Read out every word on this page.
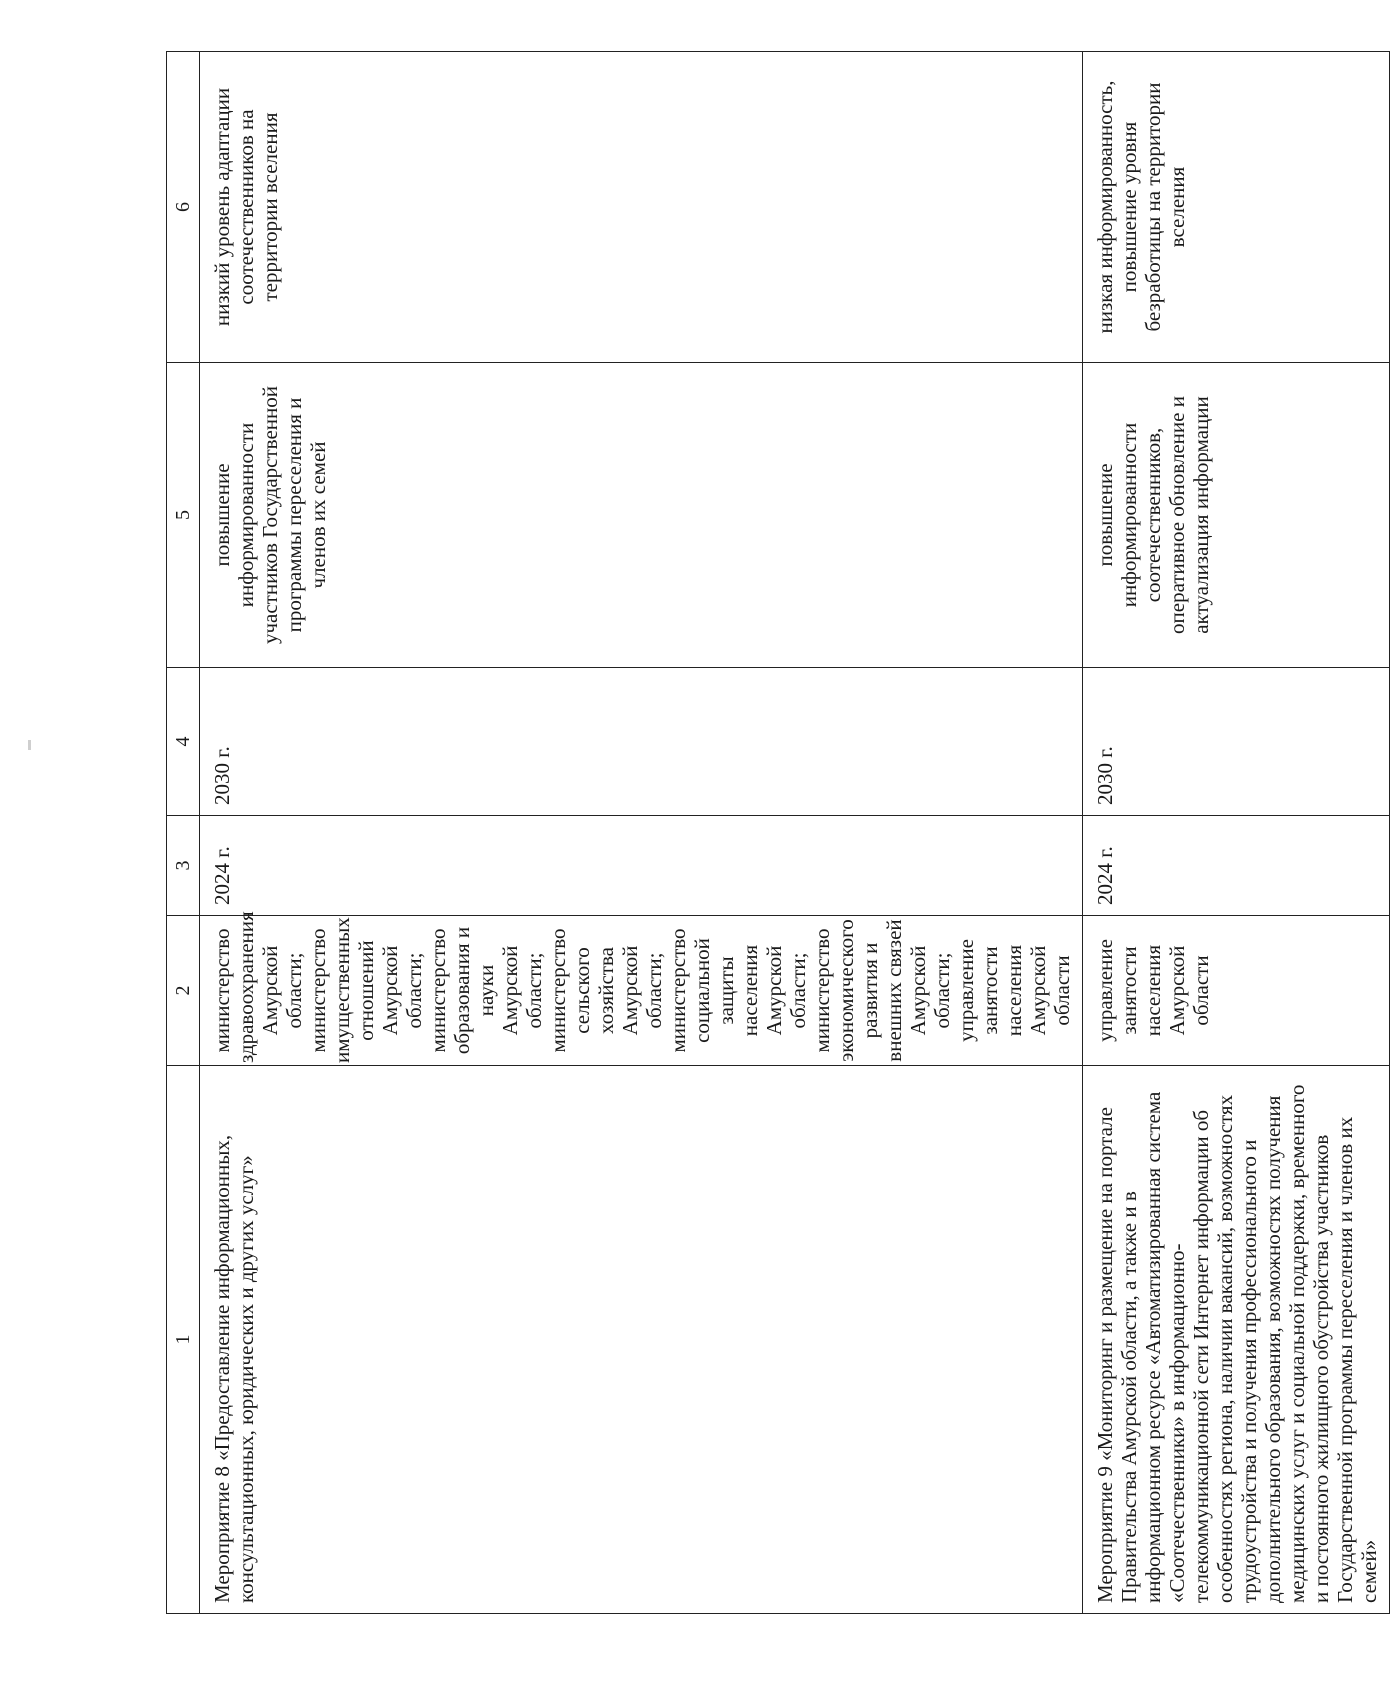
1	2	3	4	5	6
Мероприятие 8 «Предоставление информационных, консультационных, юридических и других услуг»	министерство здравоохранения Амурской области; министерство имущественных отношений Амурской области; министерство образования и науки Амурской области; министерство сельского хозяйства Амурской области; министерство социальной защиты населения Амурской области; министерство экономического развития и внешних связей Амурской области; управление занятости населения Амурской области	2024 г.	2030 г.	повышение информированности участников Государственной программы переселения и членов их семей	низкий уровень адаптации соотечественников на территории вселения
Мероприятие 9 «Мониторинг и размещение на портале Правительства Амурской области, а также и в информационном ресурсе «Автоматизированная система «Соотечественники» в информационно-телекоммуникационной сети Интернет информации об особенностях региона, наличии вакансий, возможностях трудоустройства и получения профессионального и дополнительного образования, возможностях получения медицинских услуг и социальной поддержки, временного и постоянного жилищного обустройства участников Государственной программы переселения и членов их семей»	управление занятости населения Амурской области	2024 г.	2030 г.	повышение информированности соотечественников, оперативное обновление и актуализация информации	низкая информированность, повышение уровня безработицы на территории вселения
